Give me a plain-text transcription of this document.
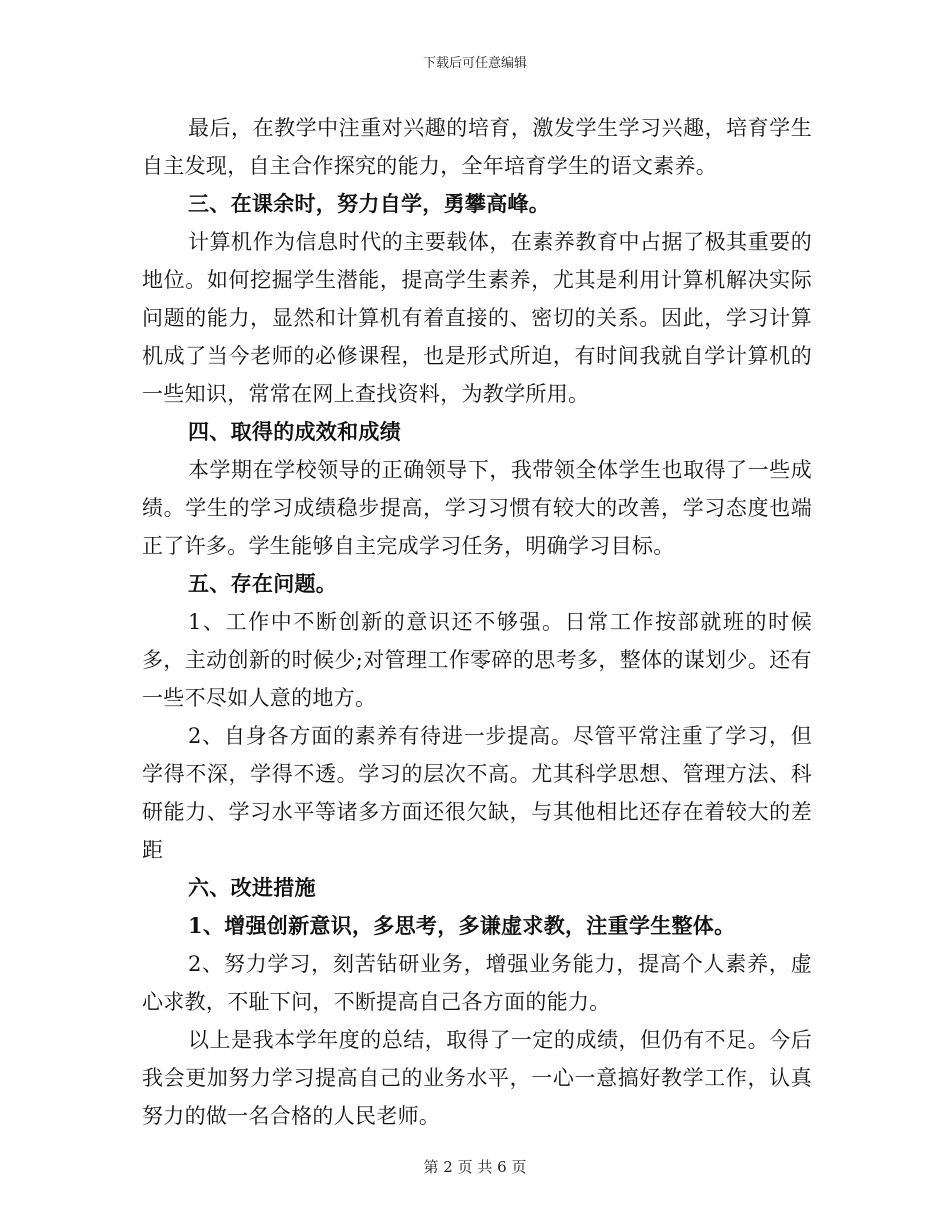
下载后可任意编辑

最后，在教学中注重对兴趣的培育，激发学生学习兴趣，培育学生自主发现，自主合作探究的能力，全年培育学生的语文素养。

三、在课余时，努力自学，勇攀高峰。

计算机作为信息时代的主要载体，在素养教育中占据了极其重要的地位。如何挖掘学生潜能，提高学生素养，尤其是利用计算机解决实际问题的能力，显然和计算机有着直接的、密切的关系。因此，学习计算机成了当今老师的必修课程，也是形式所迫，有时间我就自学计算机的一些知识，常常在网上查找资料，为教学所用。

四、取得的成效和成绩

本学期在学校领导的正确领导下，我带领全体学生也取得了一些成绩。学生的学习成绩稳步提高，学习习惯有较大的改善，学习态度也端正了许多。学生能够自主完成学习任务，明确学习目标。

五、存在问题。

1、工作中不断创新的意识还不够强。日常工作按部就班的时候多，主动创新的时候少;对管理工作零碎的思考多，整体的谋划少。还有一些不尽如人意的地方。

2、自身各方面的素养有待进一步提高。尽管平常注重了学习，但学得不深，学得不透。学习的层次不高。尤其科学思想、管理方法、科研能力、学习水平等诸多方面还很欠缺，与其他相比还存在着较大的差距

六、改进措施

1、增强创新意识，多思考，多谦虚求教，注重学生整体。

2、努力学习，刻苦钻研业务，增强业务能力，提高个人素养，虚心求教，不耻下问，不断提高自己各方面的能力。

以上是我本学年度的总结，取得了一定的成绩，但仍有不足。今后我会更加努力学习提高自己的业务水平，一心一意搞好教学工作，认真努力的做一名合格的人民老师。

第 2 页 共 6 页
